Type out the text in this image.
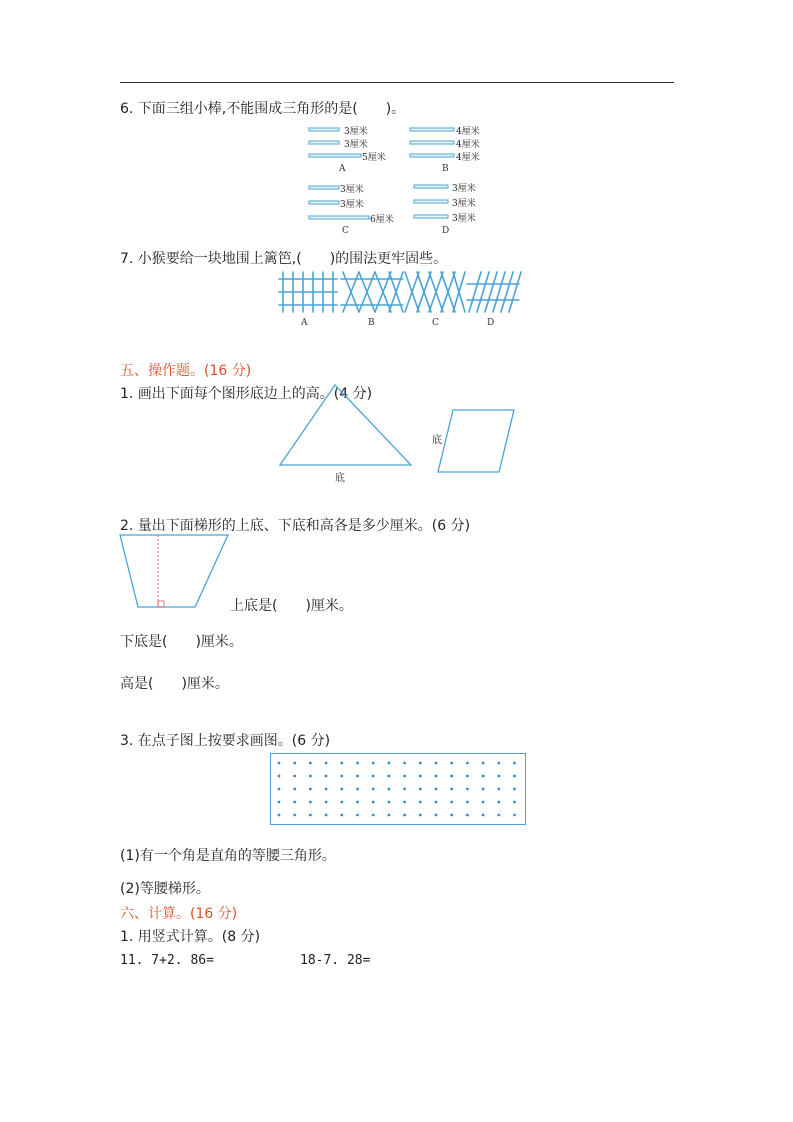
6. 下面三组小棒,不能围成三角形的是(　　)。
3厘米
3厘米
5厘米
A
4厘米
4厘米
4厘米
B
3厘米
3厘米
6厘米
C
3厘米
3厘米
3厘米
D
7. 小猴要给一块地围上篱笆,(　　)的围法更牢固些。
A	B	C	D
五、操作题。(16 分)
1. 画出下面每个图形底边上的高。(4 分)
底
底
2. 量出下面梯形的上底、下底和高各是多少厘米。(6 分)
上底是(　　)厘米。
下底是(　　)厘米。
高是(　　)厘米。
3. 在点子图上按要求画图。(6 分)
(1)有一个角是直角的等腰三角形。
(2)等腰梯形。
六、计算。(16 分)
1. 用竖式计算。(8 分)
11. 7+2. 86=	18-7. 28=
